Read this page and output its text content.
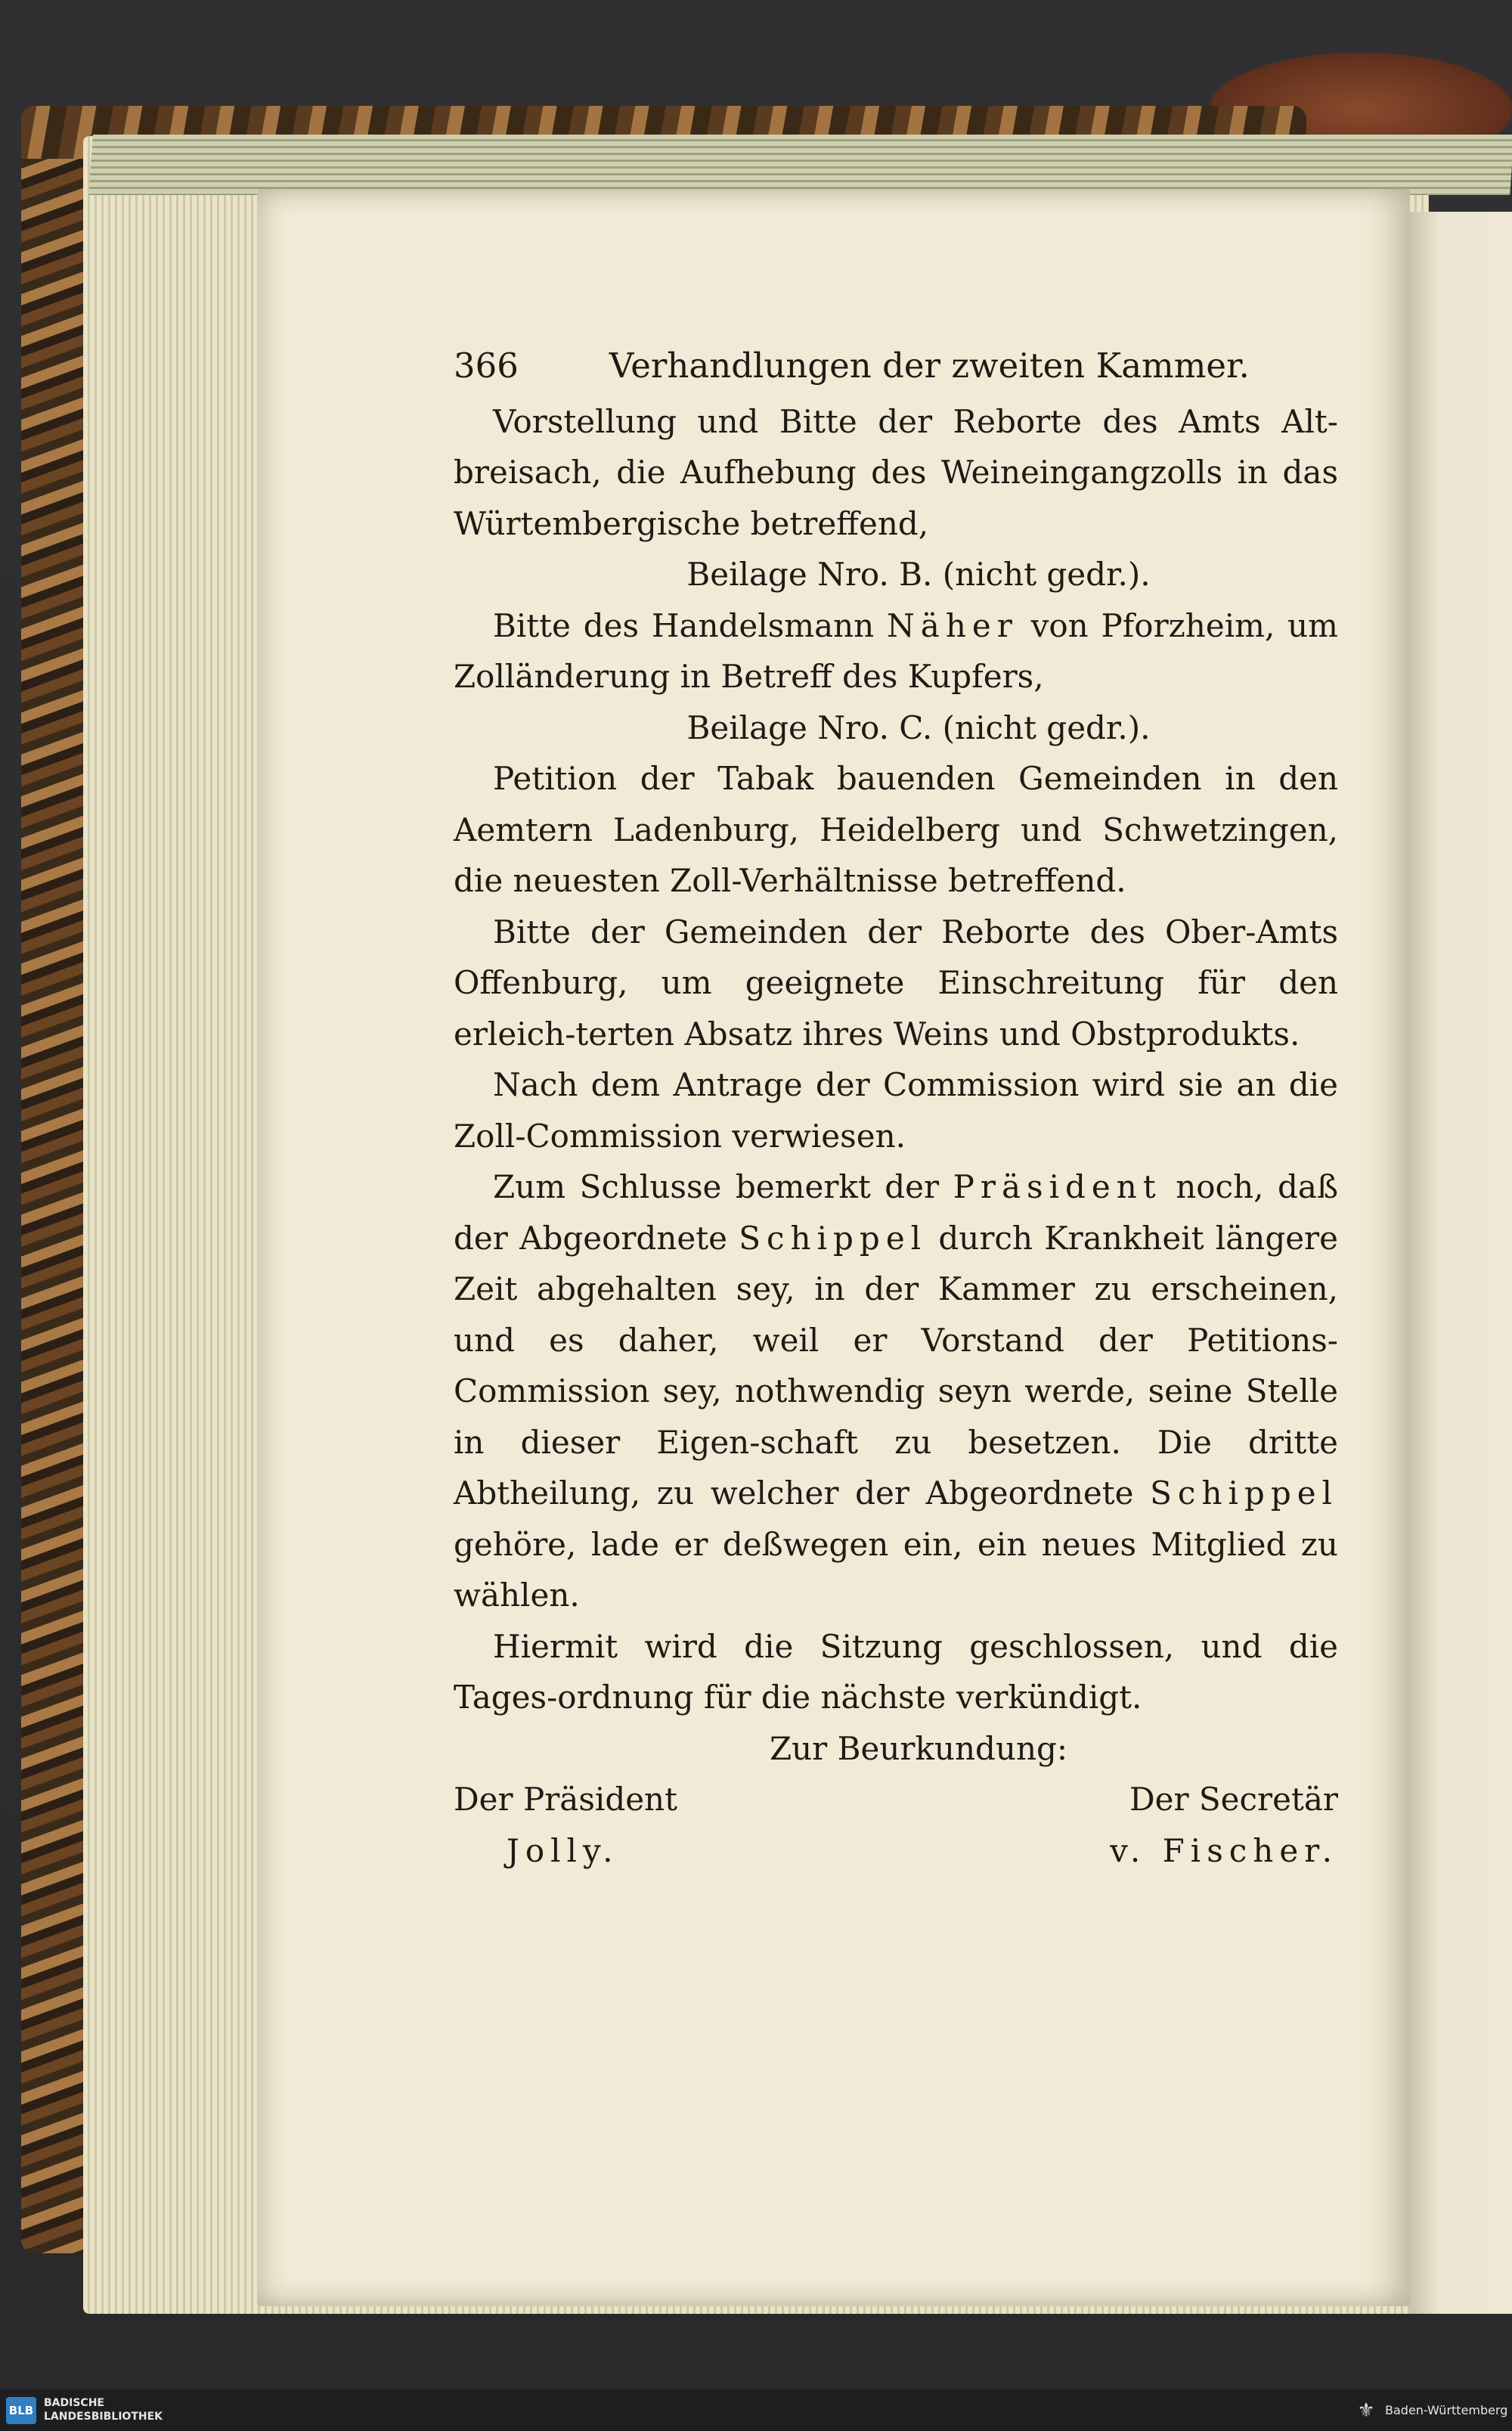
366	Verhandlungen der zweiten Kammer.

Vorstellung und Bitte der Reborte des Amts Alt-breisach, die Aufhebung des Weineingangzolls in das Würtembergische betreffend,

Beilage Nro. B. (nicht gedr.).

Bitte des Handelsmann Näher von Pforzheim, um Zolländerung in Betreff des Kupfers,

Beilage Nro. C. (nicht gedr.).

Petition der Tabak bauenden Gemeinden in den Aemtern Ladenburg, Heidelberg und Schwetzingen, die neuesten Zoll-Verhältnisse betreffend.

Bitte der Gemeinden der Reborte des Ober-Amts Offenburg, um geeignete Einschreitung für den erleich-terten Absatz ihres Weins und Obstprodukts.

Nach dem Antrage der Commission wird sie an die Zoll-Commission verwiesen.

Zum Schlusse bemerkt der Präsident noch, daß der Abgeordnete Schippel durch Krankheit längere Zeit abgehalten sey, in der Kammer zu erscheinen, und es daher, weil er Vorstand der Petitions-Commission sey, nothwendig seyn werde, seine Stelle in dieser Eigen-schaft zu besetzen. Die dritte Abtheilung, zu welcher der Abgeordnete Schippel gehöre, lade er deßwegen ein, ein neues Mitglied zu wählen.

Hiermit wird die Sitzung geschlossen, und die Tages-ordnung für die nächste verkündigt.

Zur Beurkundung:

Der Präsident	Der Secretär
Jolly.	v. Fischer.
BLB
BADISCHE
LANDESBIBLIOTHEK	⚜ Baden-Württemberg
